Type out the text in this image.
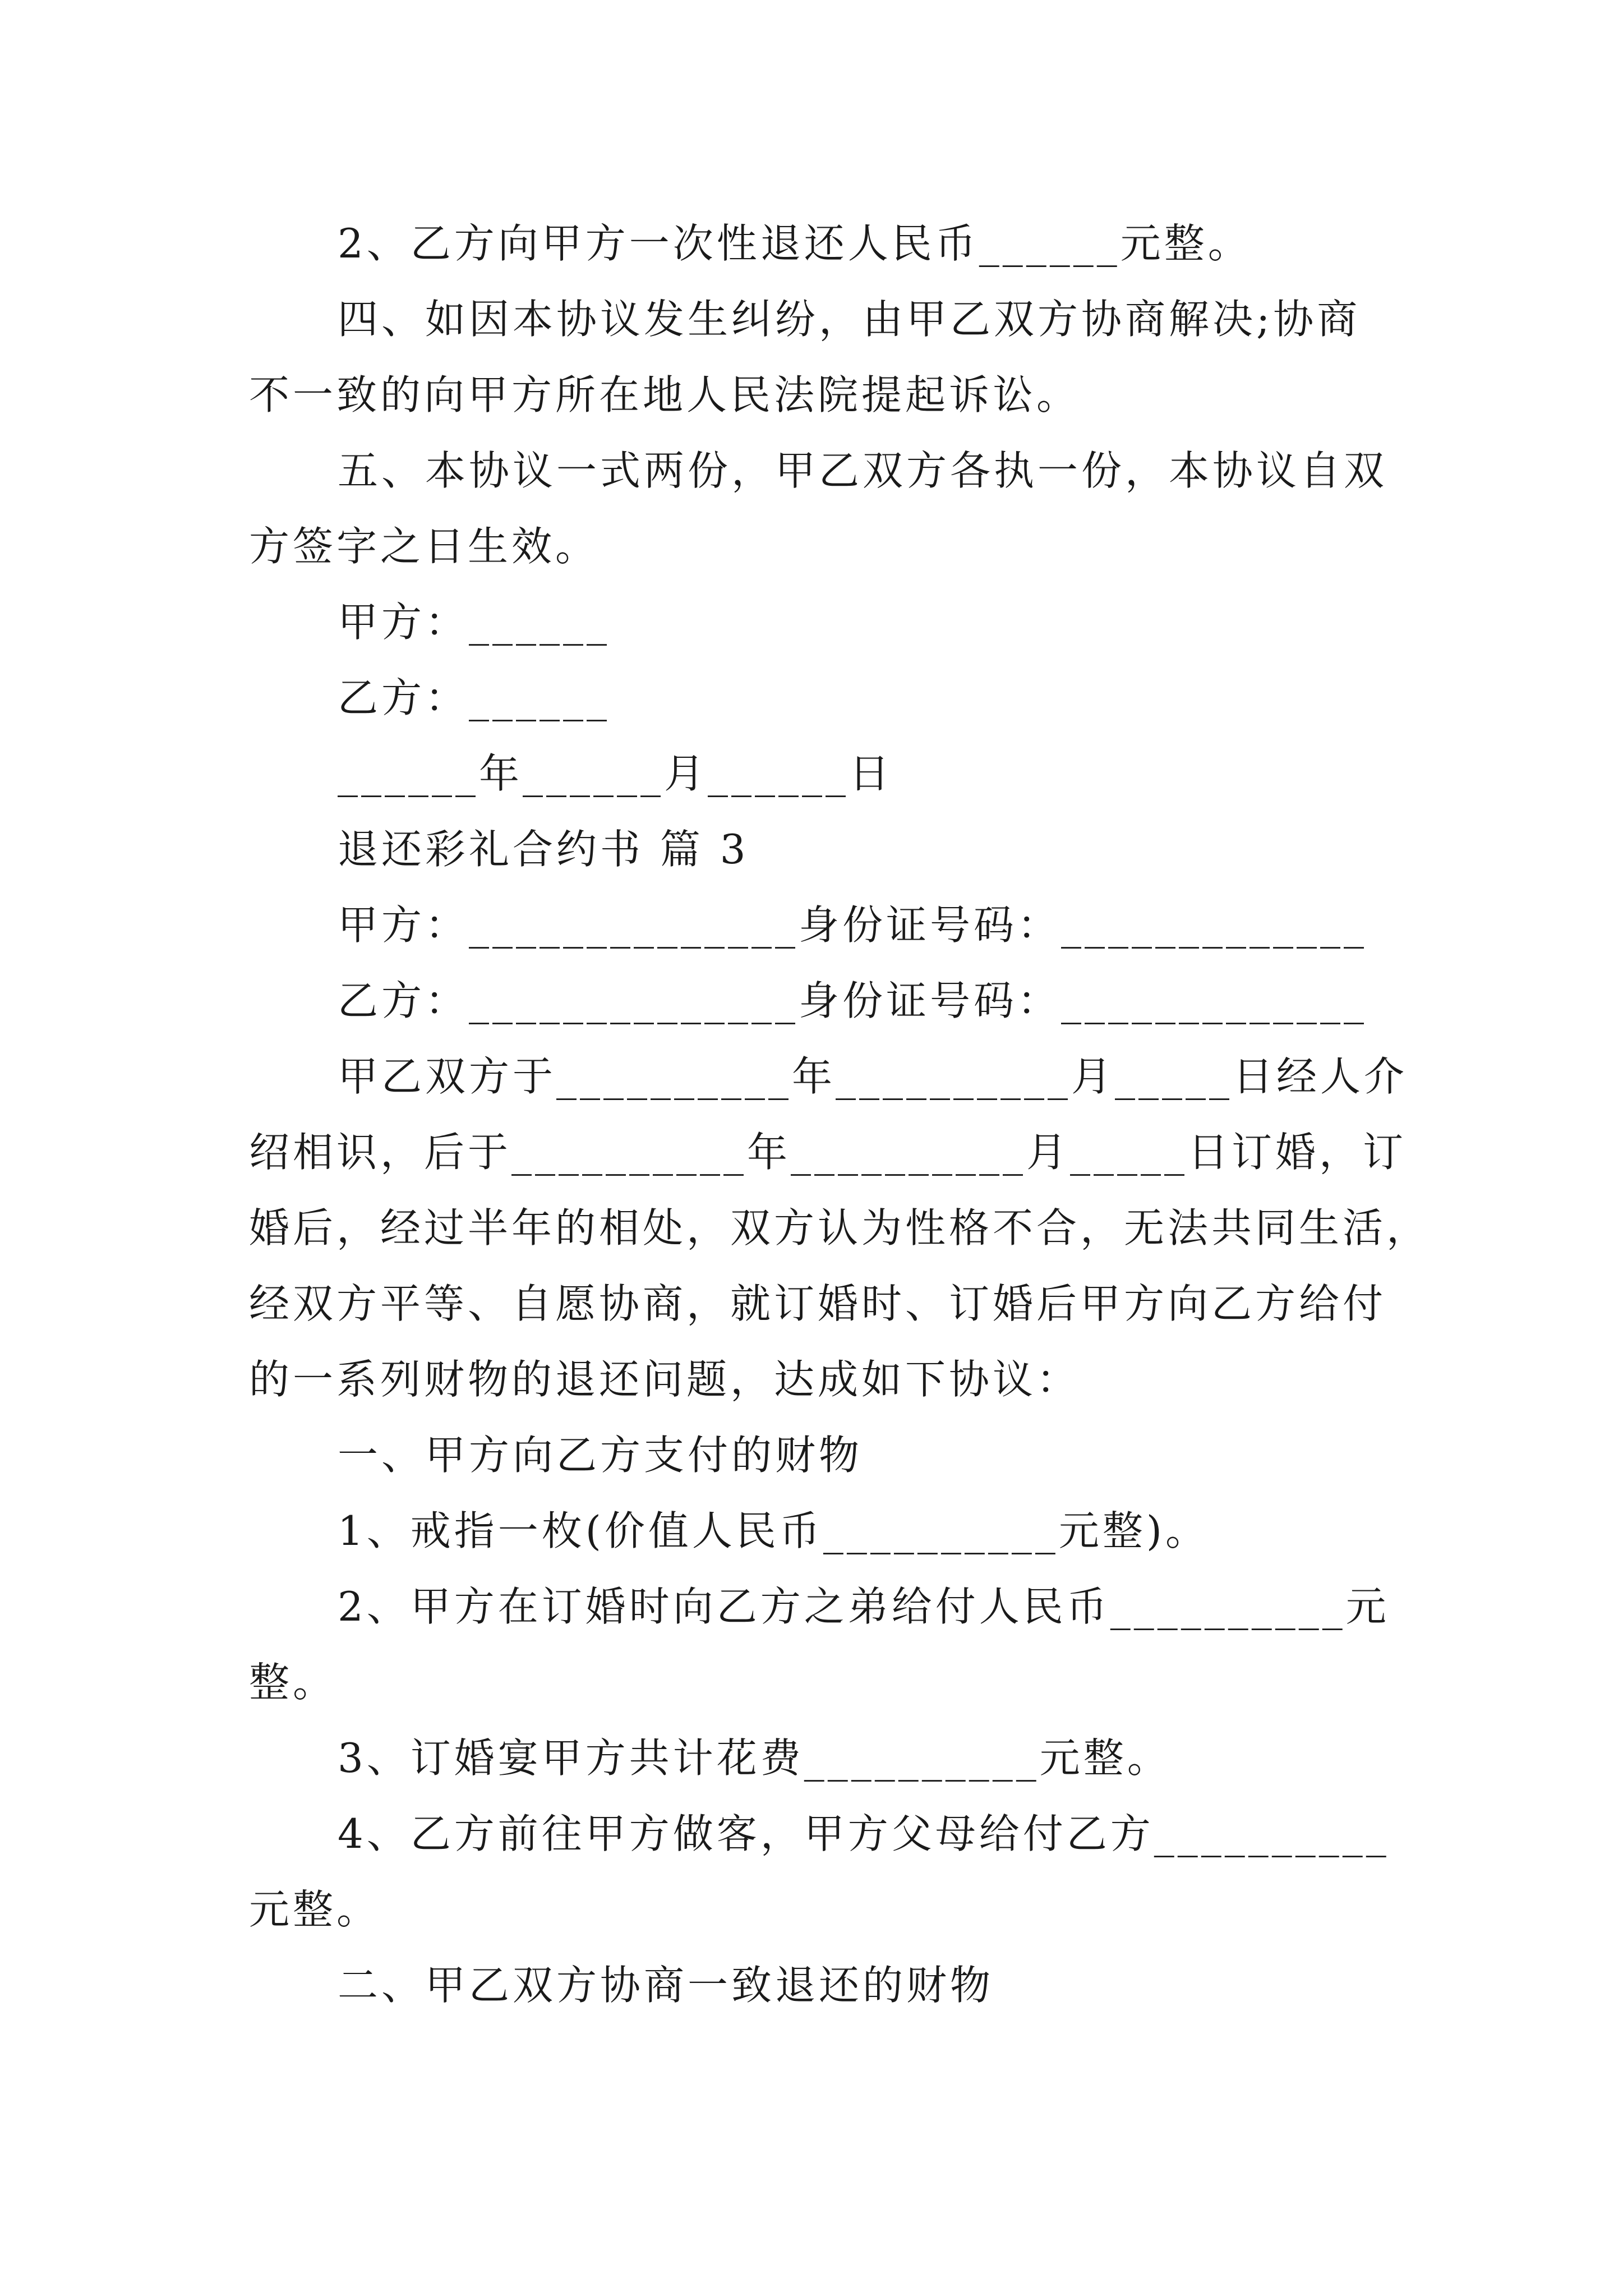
2、乙方向甲方一次性退还人民币______元整。
四、如因本协议发生纠纷，由甲乙双方协商解决;协商
不一致的向甲方所在地人民法院提起诉讼。
五、本协议一式两份，甲乙双方各执一份，本协议自双
方签字之日生效。
甲方：______
乙方：______
______年______月______日
退还彩礼合约书 篇 3
甲方：______________身份证号码：_____________
乙方：______________身份证号码：_____________
甲乙双方于__________年__________月_____日经人介
绍相识，后于__________年__________月_____日订婚，订
婚后，经过半年的相处，双方认为性格不合，无法共同生活，
经双方平等、自愿协商，就订婚时、订婚后甲方向乙方给付
的一系列财物的退还问题，达成如下协议：
一、甲方向乙方支付的财物
1、戒指一枚(价值人民币__________元整)。
2、甲方在订婚时向乙方之弟给付人民币__________元
整。
3、订婚宴甲方共计花费__________元整。
4、乙方前往甲方做客，甲方父母给付乙方__________
元整。
二、甲乙双方协商一致退还的财物
